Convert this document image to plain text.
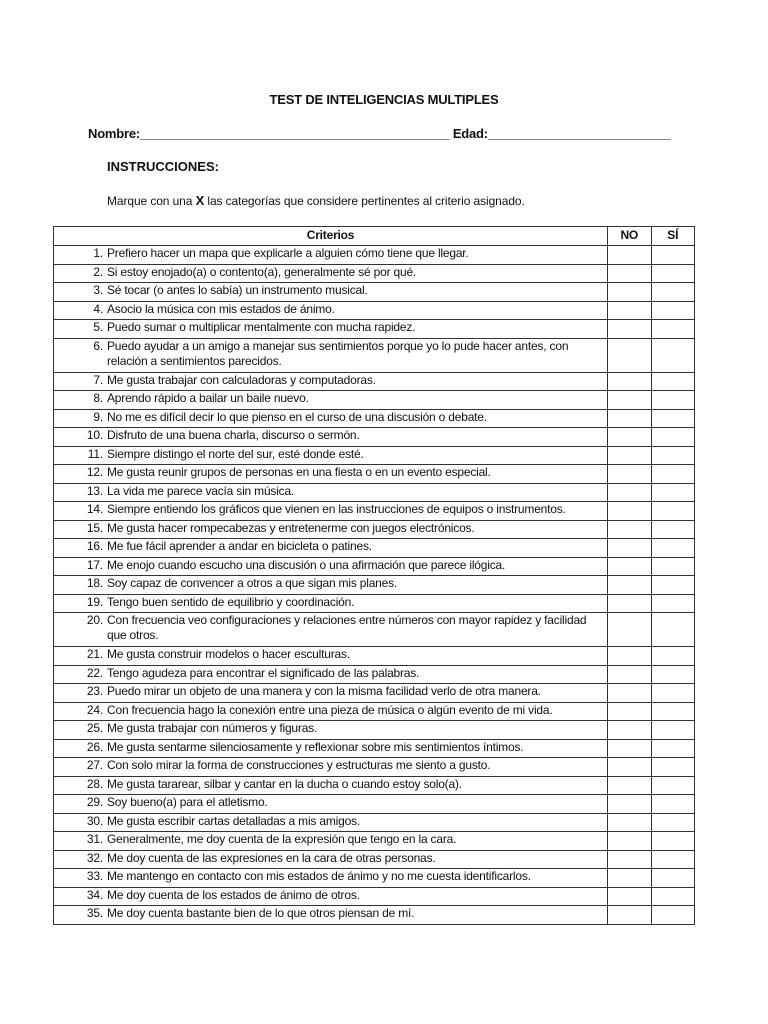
TEST DE INTELIGENCIAS MULTIPLES
Nombre:____________________________________________ Edad:__________________________
INSTRUCCIONES:
Marque con una X las categorías que considere pertinentes al criterio asignado.
Criterios	NO	SÍ
1. Prefiero hacer un mapa que explicarle a alguien cómo tiene que llegar.		
2. Si estoy enojado(a) o contento(a), generalmente sé por qué.		
3. Sé tocar (o antes lo sabía) un instrumento musical.		
4. Asocio la música con mis estados de ánimo.		
5. Puedo sumar o multiplicar mentalmente con mucha rapidez.		
6. Puedo ayudar a un amigo a manejar sus sentimientos porque yo lo pude hacer antes, con relación a sentimientos parecidos.		
7. Me gusta trabajar con calculadoras y computadoras.		
8. Aprendo rápido a bailar un baile nuevo.		
9. No me es difícil decir lo que pienso en el curso de una discusión o debate.		
10. Disfruto de una buena charla, discurso o sermón.		
11. Siempre distingo el norte del sur, esté donde esté.		
12. Me gusta reunir grupos de personas en una fiesta o en un evento especial.		
13. La vida me parece vacía sin música.		
14. Siempre entiendo los gráficos que vienen en las instrucciones de equipos o instrumentos.		
15. Me gusta hacer rompecabezas y entretenerme con juegos electrónicos.		
16. Me fue fácil aprender a andar en bicicleta o patines.		
17. Me enojo cuando escucho una discusión o una afirmación que parece ilógica.		
18. Soy capaz de convencer a otros a que sigan mis planes.		
19. Tengo buen sentido de equilibrio y coordinación.		
20. Con frecuencia veo configuraciones y relaciones entre números con mayor rapidez y facilidad que otros.		
21. Me gusta construir modelos o hacer esculturas.		
22. Tengo agudeza para encontrar el significado de las palabras.		
23. Puedo mirar un objeto de una manera y con la misma facilidad verlo de otra manera.		
24. Con frecuencia hago la conexión entre una pieza de música o algún evento de mi vida.		
25. Me gusta trabajar con números y figuras.		
26. Me gusta sentarme silenciosamente y reflexionar sobre mis sentimientos íntimos.		
27. Con solo mirar la forma de construcciones y estructuras me siento a gusto.		
28. Me gusta tararear, silbar y cantar en la ducha o cuando estoy solo(a).		
29. Soy bueno(a) para el atletismo.		
30. Me gusta escribir cartas detalladas a mis amigos.		
31. Generalmente, me doy cuenta de la expresión que tengo en la cara.		
32. Me doy cuenta de las expresiones en la cara de otras personas.		
33. Me mantengo en contacto con mis estados de ánimo y no me cuesta identificarlos.		
34. Me doy cuenta de los estados de ánimo de otros.		
35. Me doy cuenta bastante bien de lo que otros piensan de mí.		
